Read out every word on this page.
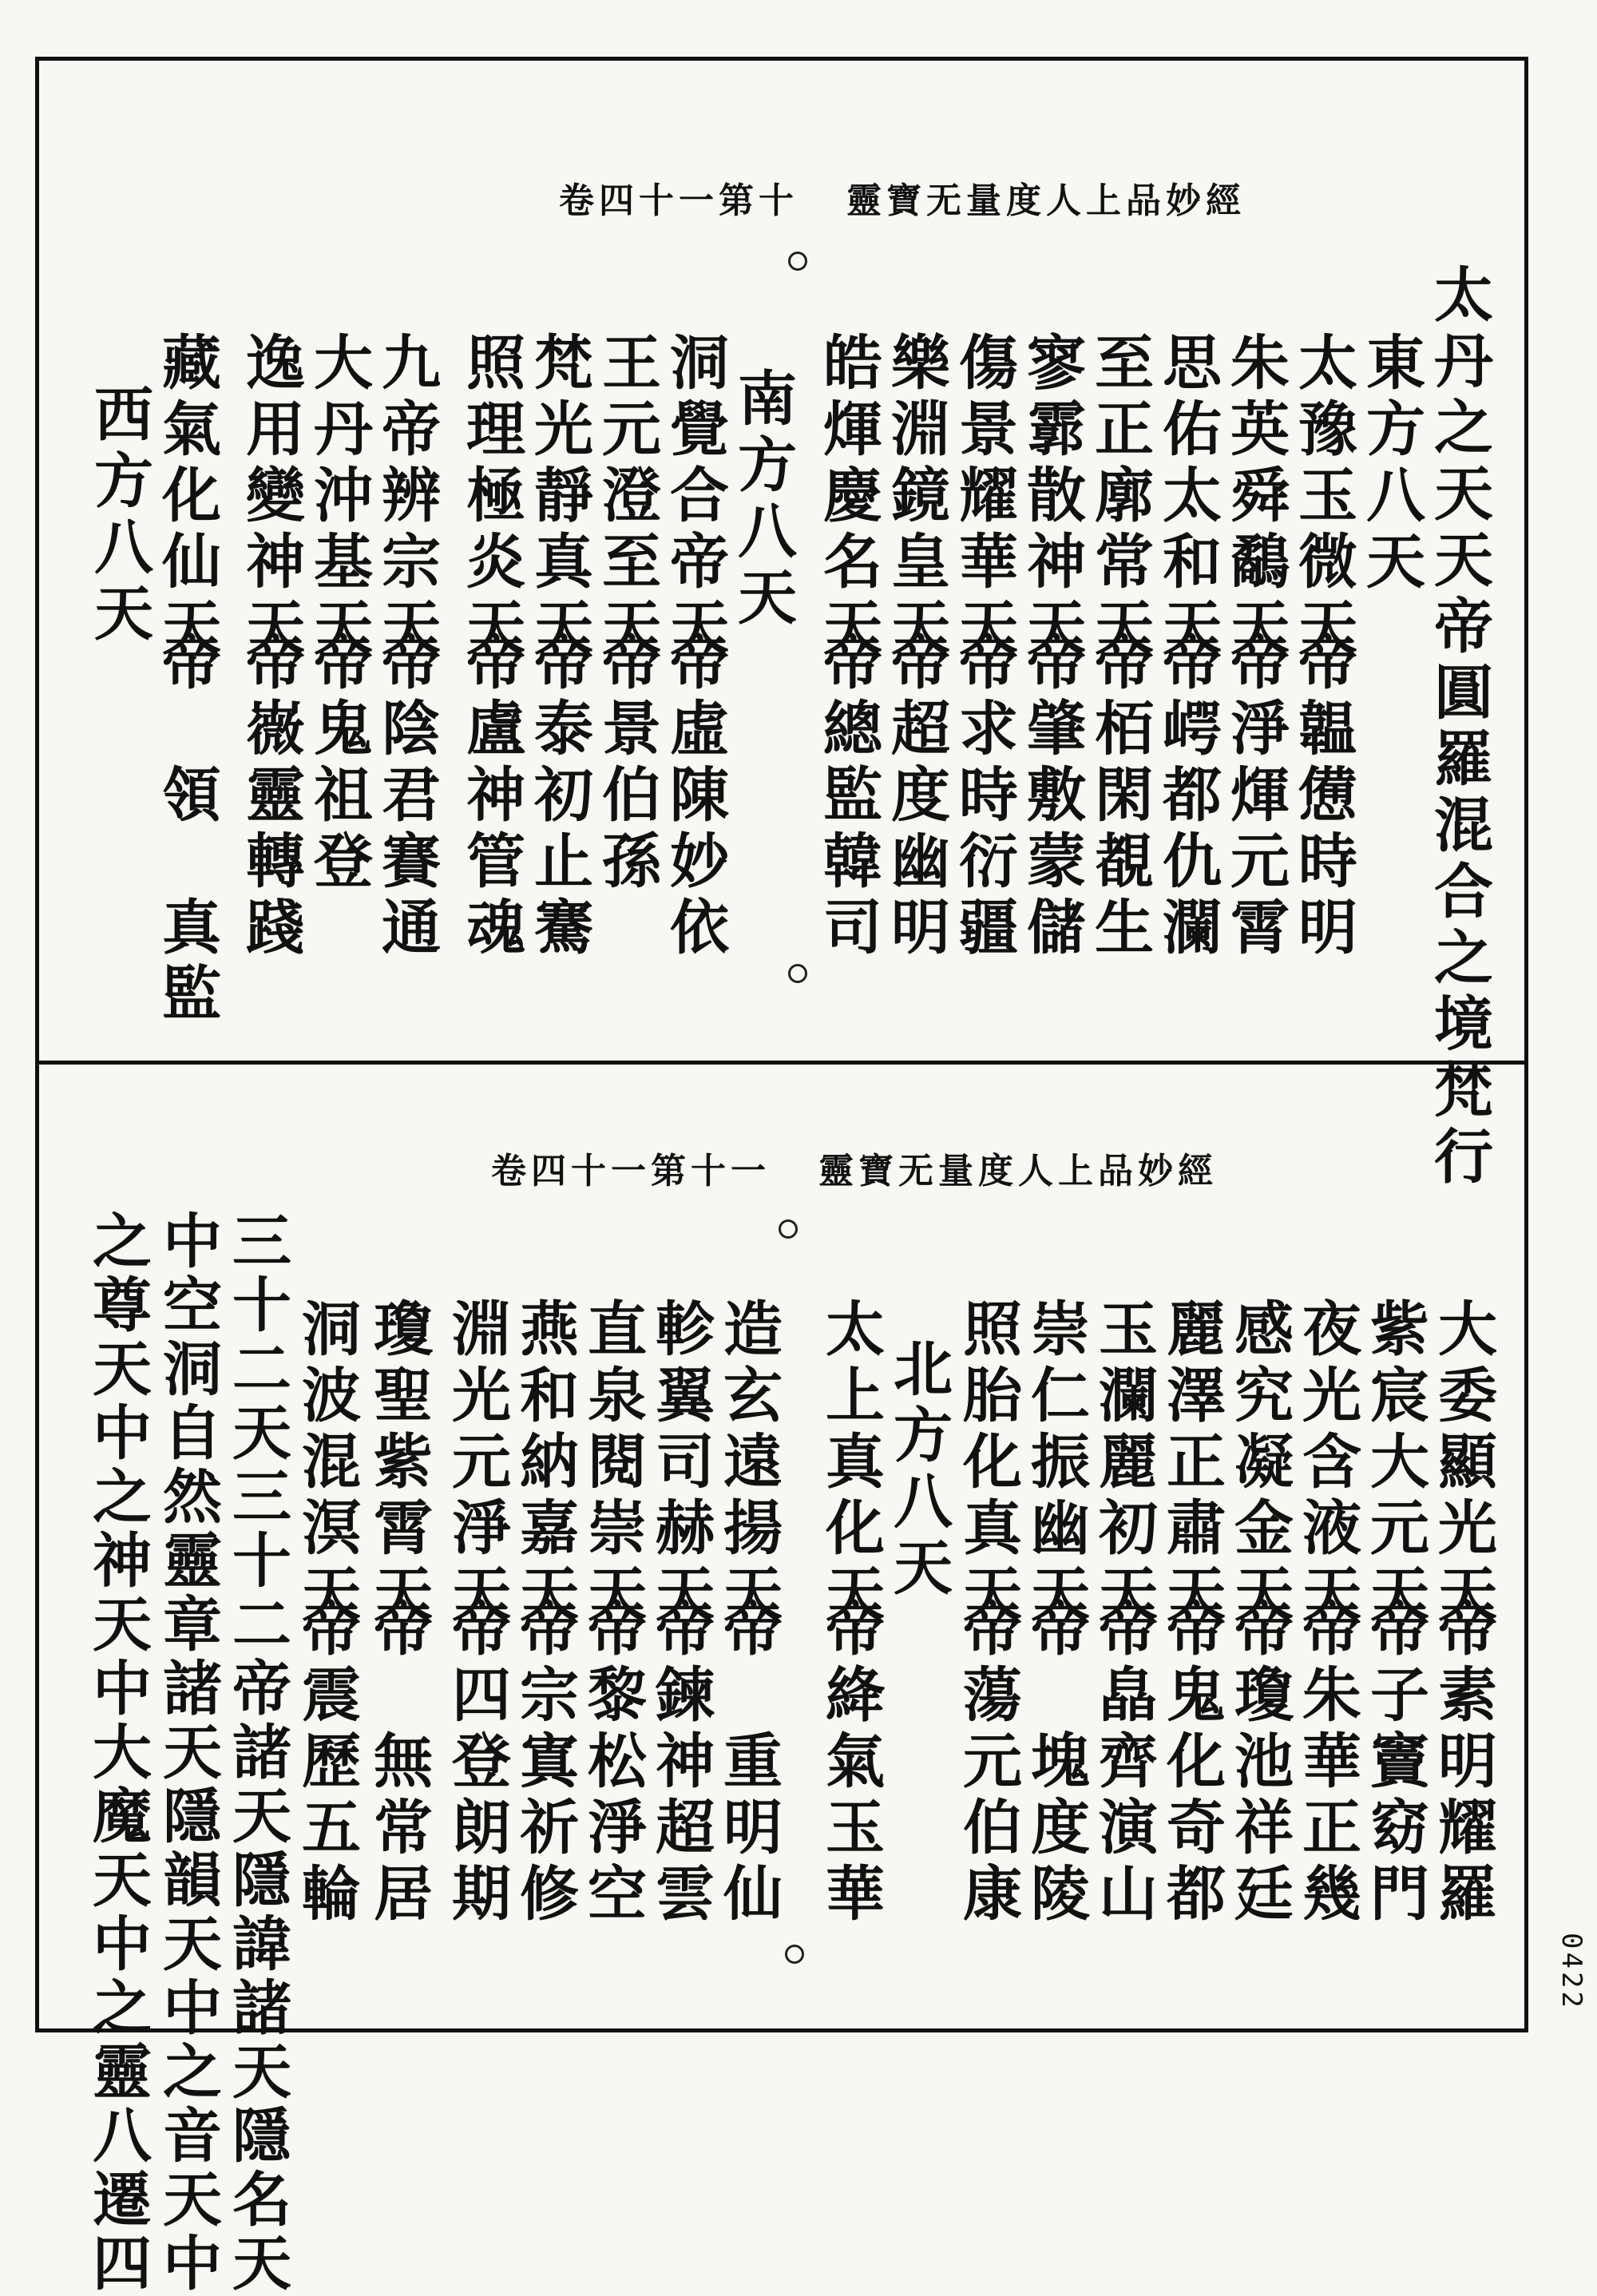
卷四十一第十 靈寶无量度人上品妙經
太丹之天天帝圓羅混合之境梵行
東方八天
太豫玉微天
朱英舜鷸天
思佑太和天
至正廓常天
寥霩散神天
傷景耀華天
樂淵鏡皇天
皓煇慶名天
南方八天
洞覺合帝天
王元澄至天
梵光靜真天
照理極炎天
九帝辨宗天
大丹沖基天
逸用變神天
藏氣化仙天
西方八天
帝韞憊時明
帝淨煇元霄
帝崿都仇瀾
帝栢閑覩生
帝肇敷蒙儲
帝求時衍疆
帝超度幽明
帝總監韓司
帝虛陳妙依
帝景伯孫
帝泰初止騫
帝盧神管魂
帝陰君賽通
帝鬼祖登
帝嶶靈轉踐
帝　領　真監
卷四十一第十一 靈寶无量度人上品妙經
大委顯光天
紫宸大元天
夜光含液天
感究凝金天
麗澤正肅天
玉瀾麗初天
崇仁振幽天
照胎化真天
北方八天
太上真化天
造玄遠揚天
軫翼司赫天
直泉閱崇天
燕和納嘉天
淵光元淨天
瓊聖紫霄天
洞波混溟天
三十二天三十二帝諸天隱諱諸天隱名天
中空洞自然靈章諸天隱韻天中之音天中
之尊天中之神天中大魔天中之靈八遷四	帝素明耀羅
帝子竇窈門
帝朱華正幾
帝瓊池祥廷
帝鬼化奇都
帝皛齊演山
帝　塊度陵
帝蕩元伯康
帝絳氣玉華
帝　重明仙
帝鍊神超雲
帝黎松淨空
帝宗寘祈修
帝四登朗期
帝　無常居
帝震歷五輪
0422
